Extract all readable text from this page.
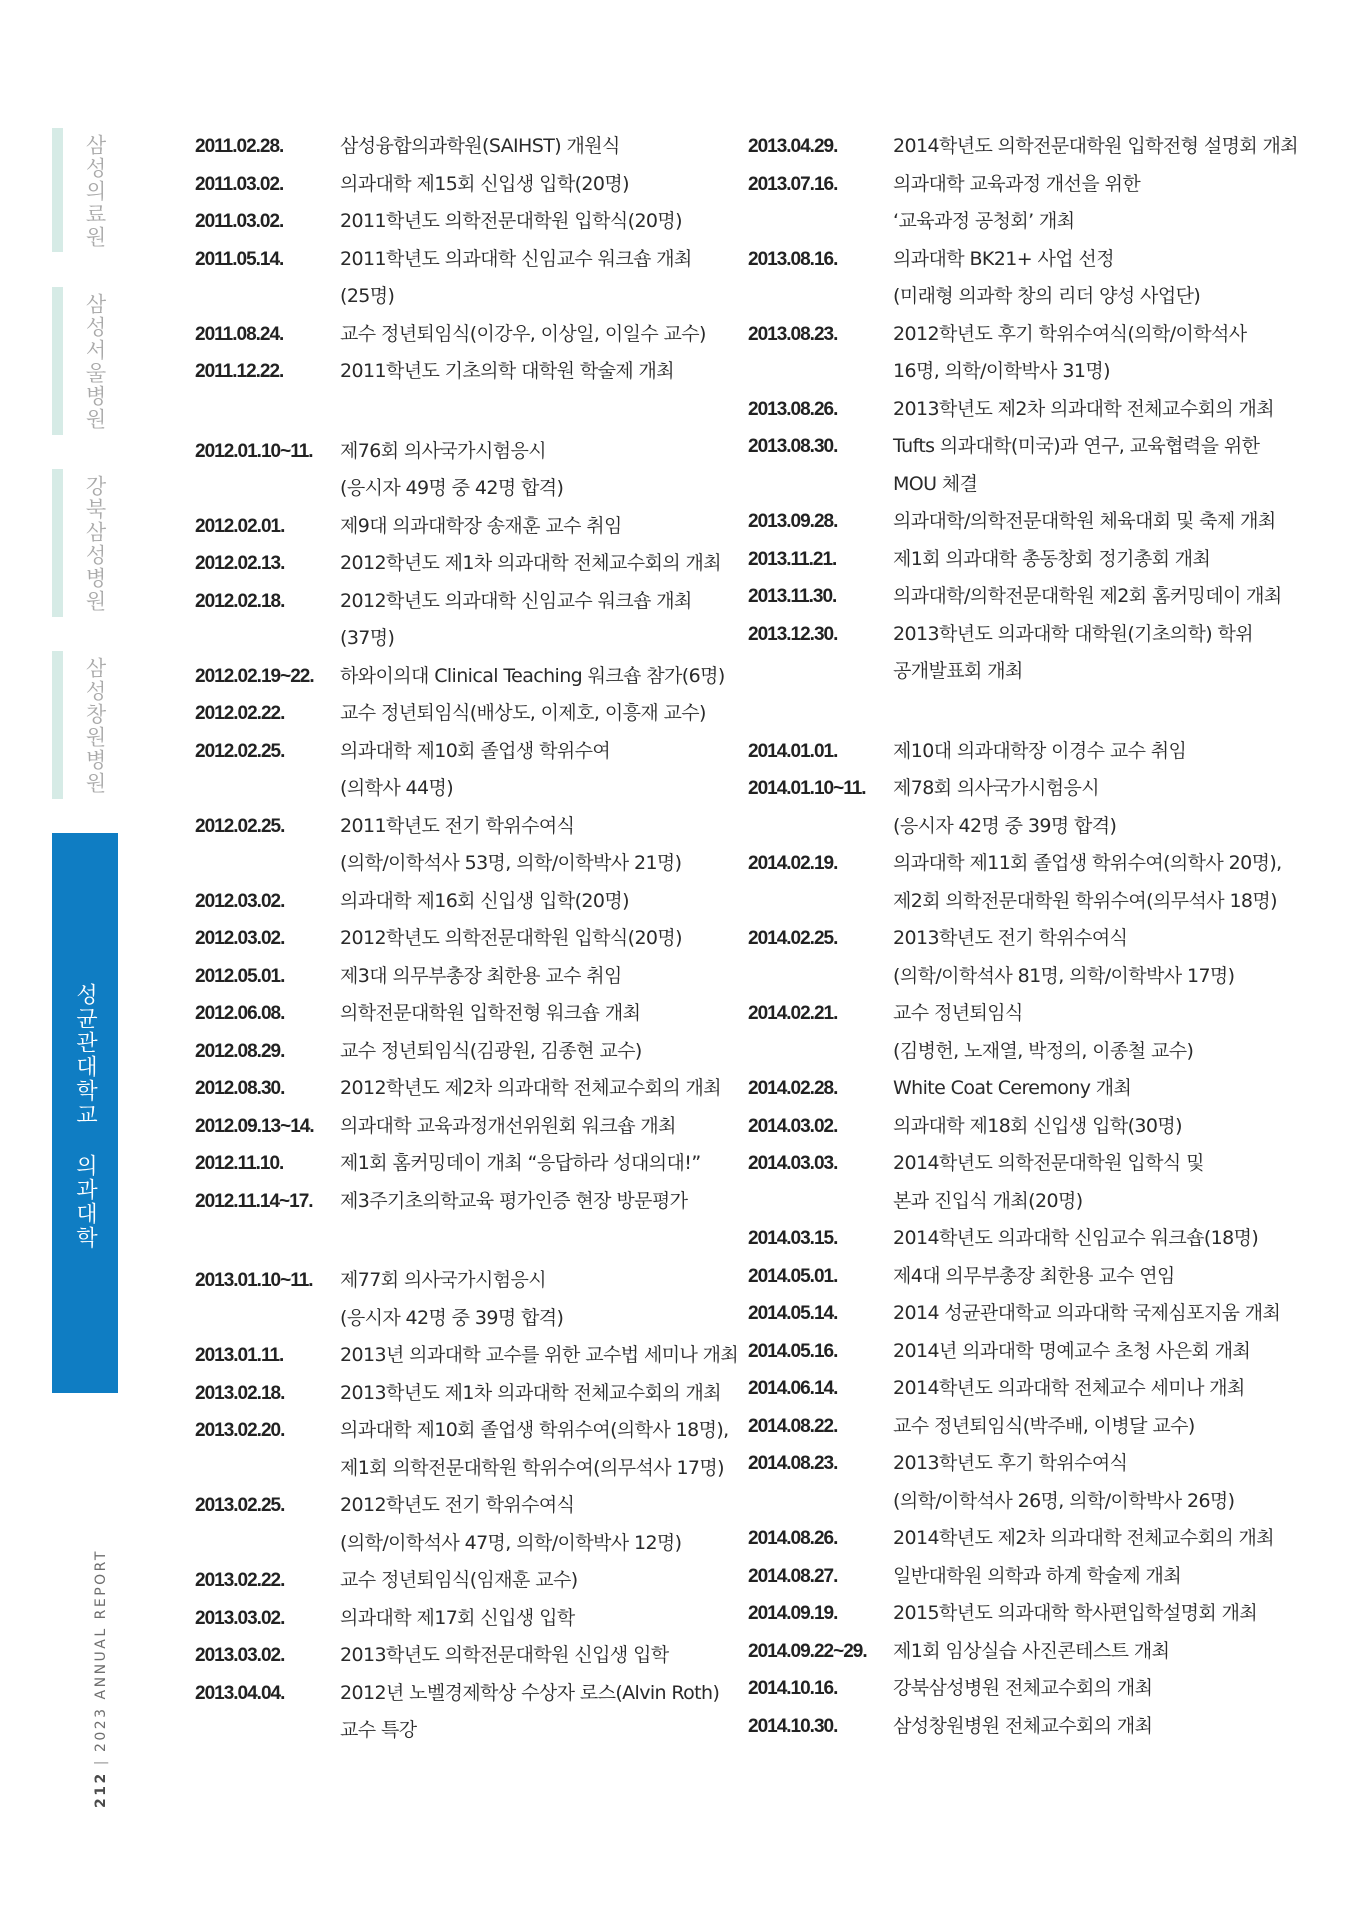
삼성의료원
삼성서울병원
강북삼성병원
삼성창원병원
성균관대학교 의과대학
212|2023 ANNUAL REPORT
2011.02.28.	삼성융합의과학원(SAIHST) 개원식
2011.03.02.	의과대학 제15회 신입생 입학(20명)
2011.03.02.	2011학년도 의학전문대학원 입학식(20명)
2011.05.14.	2011학년도 의과대학 신임교수 워크숍 개최
(25명)
2011.08.24.	교수 정년퇴임식(이강우, 이상일, 이일수 교수)
2011.12.22.	2011학년도 기초의학 대학원 학술제 개최
2012.01.10~11.	제76회 의사국가시험응시
(응시자 49명 중 42명 합격)
2012.02.01.	제9대 의과대학장 송재훈 교수 취임
2012.02.13.	2012학년도 제1차 의과대학 전체교수회의 개최
2012.02.18.	2012학년도 의과대학 신임교수 워크숍 개최
(37명)
2012.02.19~22.	하와이의대 Clinical Teaching 워크숍 참가(6명)
2012.02.22.	교수 정년퇴임식(배상도, 이제호, 이흥재 교수)
2012.02.25.	의과대학 제10회 졸업생 학위수여
(의학사 44명)
2012.02.25.	2011학년도 전기 학위수여식
(의학/이학석사 53명, 의학/이학박사 21명)
2012.03.02.	의과대학 제16회 신입생 입학(20명)
2012.03.02.	2012학년도 의학전문대학원 입학식(20명)
2012.05.01.	제3대 의무부총장 최한용 교수 취임
2012.06.08.	의학전문대학원 입학전형 워크숍 개최
2012.08.29.	교수 정년퇴임식(김광원, 김종현 교수)
2012.08.30.	2012학년도 제2차 의과대학 전체교수회의 개최
2012.09.13~14.	의과대학 교육과정개선위원회 워크숍 개최
2012.11.10.	제1회 홈커밍데이 개최 “응답하라 성대의대!”
2012.11.14~17.	제3주기초의학교육 평가인증 현장 방문평가
2013.01.10~11.	제77회 의사국가시험응시
(응시자 42명 중 39명 합격)
2013.01.11.	2013년 의과대학 교수를 위한 교수법 세미나 개최
2013.02.18.	2013학년도 제1차 의과대학 전체교수회의 개최
2013.02.20.	의과대학 제10회 졸업생 학위수여(의학사 18명),
제1회 의학전문대학원 학위수여(의무석사 17명)
2013.02.25.	2012학년도 전기 학위수여식
(의학/이학석사 47명, 의학/이학박사 12명)
2013.02.22.	교수 정년퇴임식(임재훈 교수)
2013.03.02.	의과대학 제17회 신입생 입학
2013.03.02.	2013학년도 의학전문대학원 신입생 입학
2013.04.04.	2012년 노벨경제학상 수상자 로스(Alvin Roth)
교수 특강
2013.04.29.	2014학년도 의학전문대학원 입학전형 설명회 개최
2013.07.16.	의과대학 교육과정 개선을 위한
‘교육과정 공청회’ 개최
2013.08.16.	의과대학 BK21+ 사업 선정
(미래형 의과학 창의 리더 양성 사업단)
2013.08.23.	2012학년도 후기 학위수여식(의학/이학석사
16명, 의학/이학박사 31명)
2013.08.26.	2013학년도 제2차 의과대학 전체교수회의 개최
2013.08.30.	Tufts 의과대학(미국)과 연구, 교육협력을 위한
MOU 체결
2013.09.28.	의과대학/의학전문대학원 체육대회 및 축제 개최
2013.11.21.	제1회 의과대학 총동창회 정기총회 개최
2013.11.30.	의과대학/의학전문대학원 제2회 홈커밍데이 개최
2013.12.30.	2013학년도 의과대학 대학원(기초의학) 학위
공개발표회 개최
2014.01.01.	제10대 의과대학장 이경수 교수 취임
2014.01.10~11.	제78회 의사국가시험응시
(응시자 42명 중 39명 합격)
2014.02.19.	의과대학 제11회 졸업생 학위수여(의학사 20명),
제2회 의학전문대학원 학위수여(의무석사 18명)
2014.02.25.	2013학년도 전기 학위수여식
(의학/이학석사 81명, 의학/이학박사 17명)
2014.02.21.	교수 정년퇴임식
(김병헌, 노재열, 박정의, 이종철 교수)
2014.02.28.	White Coat Ceremony 개최
2014.03.02.	의과대학 제18회 신입생 입학(30명)
2014.03.03.	2014학년도 의학전문대학원 입학식 및
본과 진입식 개최(20명)
2014.03.15.	2014학년도 의과대학 신임교수 워크숍(18명)
2014.05.01.	제4대 의무부총장 최한용 교수 연임
2014.05.14.	2014 성균관대학교 의과대학 국제심포지움 개최
2014.05.16.	2014년 의과대학 명예교수 초청 사은회 개최
2014.06.14.	2014학년도 의과대학 전체교수 세미나 개최
2014.08.22.	교수 정년퇴임식(박주배, 이병달 교수)
2014.08.23.	2013학년도 후기 학위수여식
(의학/이학석사 26명, 의학/이학박사 26명)
2014.08.26.	2014학년도 제2차 의과대학 전체교수회의 개최
2014.08.27.	일반대학원 의학과 하계 학술제 개최
2014.09.19.	2015학년도 의과대학 학사편입학설명회 개최
2014.09.22~29.	제1회 임상실습 사진콘테스트 개최
2014.10.16.	강북삼성병원 전체교수회의 개최
2014.10.30.	삼성창원병원 전체교수회의 개최
